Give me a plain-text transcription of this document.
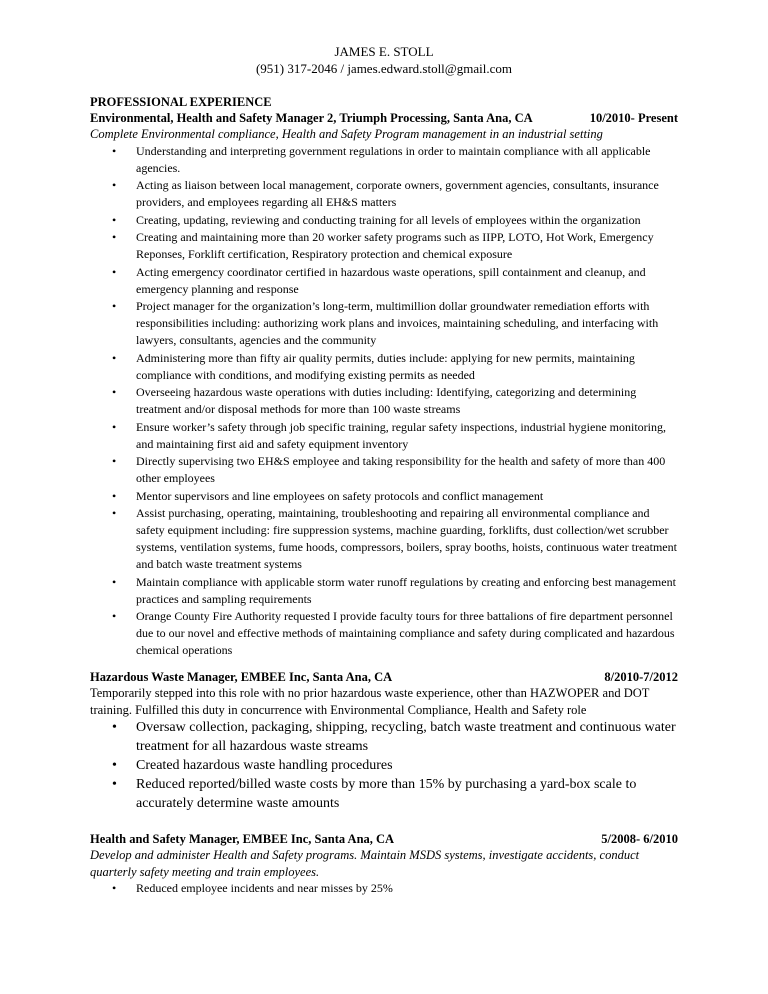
JAMES E. STOLL
(951) 317-2046 / james.edward.stoll@gmail.com
PROFESSIONAL EXPERIENCE
Environmental, Health and Safety Manager 2, Triumph Processing, Santa Ana, CA	10/2010- Present
Complete Environmental compliance, Health and Safety Program management in an industrial setting
• Understanding and interpreting government regulations in order to maintain compliance with all applicable agencies.
• Acting as liaison between local management, corporate owners, government agencies, consultants, insurance providers, and employees regarding all EH&S matters
• Creating, updating, reviewing and conducting training for all levels of employees within the organization
• Creating and maintaining more than 20 worker safety programs such as IIPP, LOTO, Hot Work, Emergency Reponses, Forklift certification, Respiratory protection and chemical exposure
• Acting emergency coordinator certified in hazardous waste operations, spill containment and cleanup, and emergency planning and response
• Project manager for the organization’s long-term, multimillion dollar groundwater remediation efforts with responsibilities including: authorizing work plans and invoices, maintaining scheduling, and interfacing with lawyers, consultants, agencies and the community
• Administering more than fifty air quality permits, duties include: applying for new permits, maintaining compliance with conditions, and modifying existing permits as needed
• Overseeing hazardous waste operations with duties including: Identifying, categorizing and determining treatment and/or disposal methods for more than 100 waste streams
• Ensure worker’s safety through job specific training, regular safety inspections, industrial hygiene monitoring, and maintaining first aid and safety equipment inventory
• Directly supervising two EH&S employee and taking responsibility for the health and safety of more than 400 other employees
• Mentor supervisors and line employees on safety protocols and conflict management
• Assist purchasing, operating, maintaining, troubleshooting and repairing all environmental compliance and safety equipment including: fire suppression systems, machine guarding, forklifts, dust collection/wet scrubber systems, ventilation systems, fume hoods, compressors, boilers, spray booths, hoists, continuous water treatment and batch waste treatment systems
• Maintain compliance with applicable storm water runoff regulations by creating and enforcing best management practices and sampling requirements
• Orange County Fire Authority requested I provide faculty tours for three battalions of fire department personnel due to our novel and effective methods of maintaining compliance and safety during complicated and hazardous chemical operations
Hazardous Waste Manager, EMBEE Inc, Santa Ana, CA	8/2010-7/2012
Temporarily stepped into this role with no prior hazardous waste experience, other than HAZWOPER and DOT training. Fulfilled this duty in concurrence with Environmental Compliance, Health and Safety role
• Oversaw collection, packaging, shipping, recycling, batch waste treatment and continuous water treatment for all hazardous waste streams
• Created hazardous waste handling procedures
• Reduced reported/billed waste costs by more than 15% by purchasing a yard-box scale to accurately determine waste amounts
Health and Safety Manager, EMBEE Inc, Santa Ana, CA	5/2008- 6/2010
Develop and administer Health and Safety programs. Maintain MSDS systems, investigate accidents, conduct quarterly safety meeting and train employees.
• Reduced employee incidents and near misses by 25%
